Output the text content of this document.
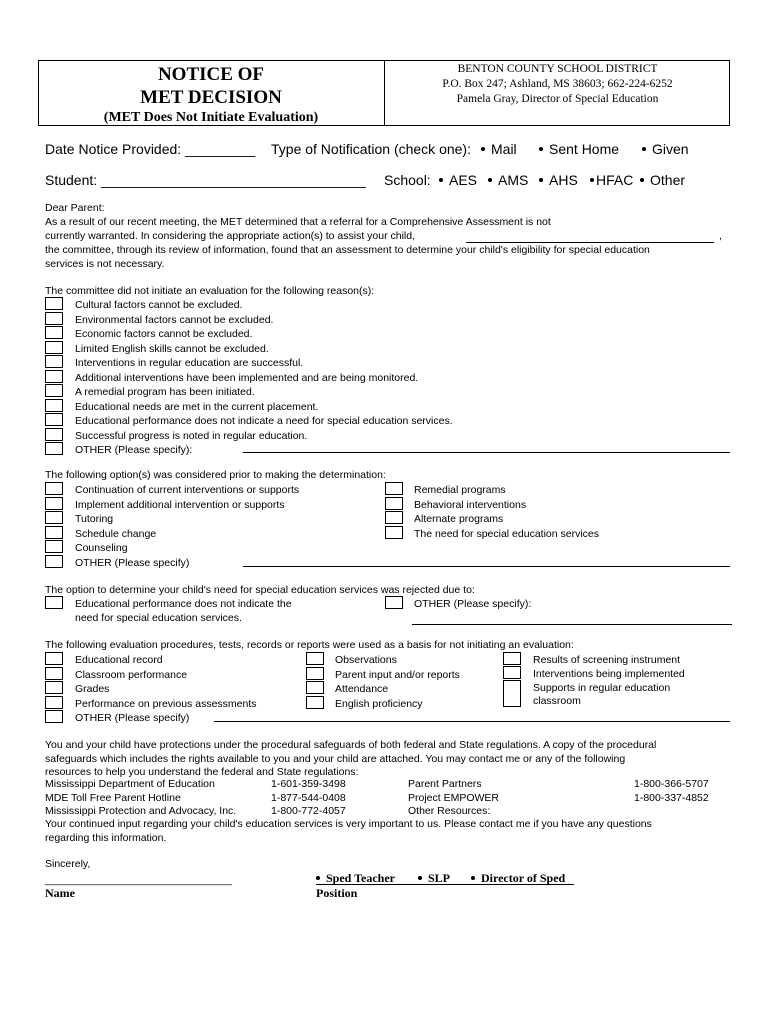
NOTICE OF
MET DECISION
(MET Does Not Initiate Evaluation)
BENTON COUNTY SCHOOL DISTRICT
P.O. Box 247; Ashland, MS 38603; 662-224-6252
Pamela Gray, Director of Special Education
Date Notice Provided: _________ Type of Notification (check one):	Mail	Sent Home	Given
Student: __________________________________ School:	AES	AMS	AHS	HFAC	Other
Dear Parent:
As a result of our recent meeting, the MET determined that a referral for a Comprehensive Assessment is not
currently warranted. In considering the appropriate action(s) to assist your child,	,
the committee, through its review of information, found that an assessment to determine your child's eligibility for special education
services is not necessary.
The committee did not initiate an evaluation for the following reason(s):
Cultural factors cannot be excluded.
Environmental factors cannot be excluded.
Economic factors cannot be excluded.
Limited English skills cannot be excluded.
Interventions in regular education are successful.
Additional interventions have been implemented and are being monitored.
A remedial program has been initiated.
Educational needs are met in the current placement.
Educational performance does not indicate a need for special education services.
Successful progress is noted in regular education.
OTHER (Please specify):
The following option(s) was considered prior to making the determination:
Continuation of current interventions or supports
Implement additional intervention or supports
Tutoring
Schedule change
Counseling
OTHER (Please specify)
Remedial programs
Behavioral interventions
Alternate programs
The need for special education services
The option to determine your child's need for special education services was rejected due to:
Educational performance does not indicate the
need for special education services.
OTHER (Please specify):
The following evaluation procedures, tests, records or reports were used as a basis for not initiating an evaluation:
Educational record
Classroom performance
Grades
Performance on previous assessments
OTHER (Please specify)
Observations
Parent input and/or reports
Attendance
English proficiency
Results of screening instrument
Interventions being implemented
Supports in regular education
classroom
You and your child have protections under the procedural safeguards of both federal and State regulations. A copy of the procedural
safeguards which includes the rights available to you and your child are attached. You may contact me or any of the following
resources to help you understand the federal and State regulations:
Mississippi Department of Education	1-601-359-3498	Parent Partners	1-800-366-5707
MDE Toll Free Parent Hotline	1-877-544-0408	Project EMPOWER	1-800-337-4852
Mississippi Protection and Advocacy, Inc.	1-800-772-4057	Other Resources:
Your continued input regarding your child's education services is very important to us. Please contact me if you have any questions
regarding this information.
Sincerely,
________________________________
Name
Sped Teacher	SLP	Director of Sped
Position
